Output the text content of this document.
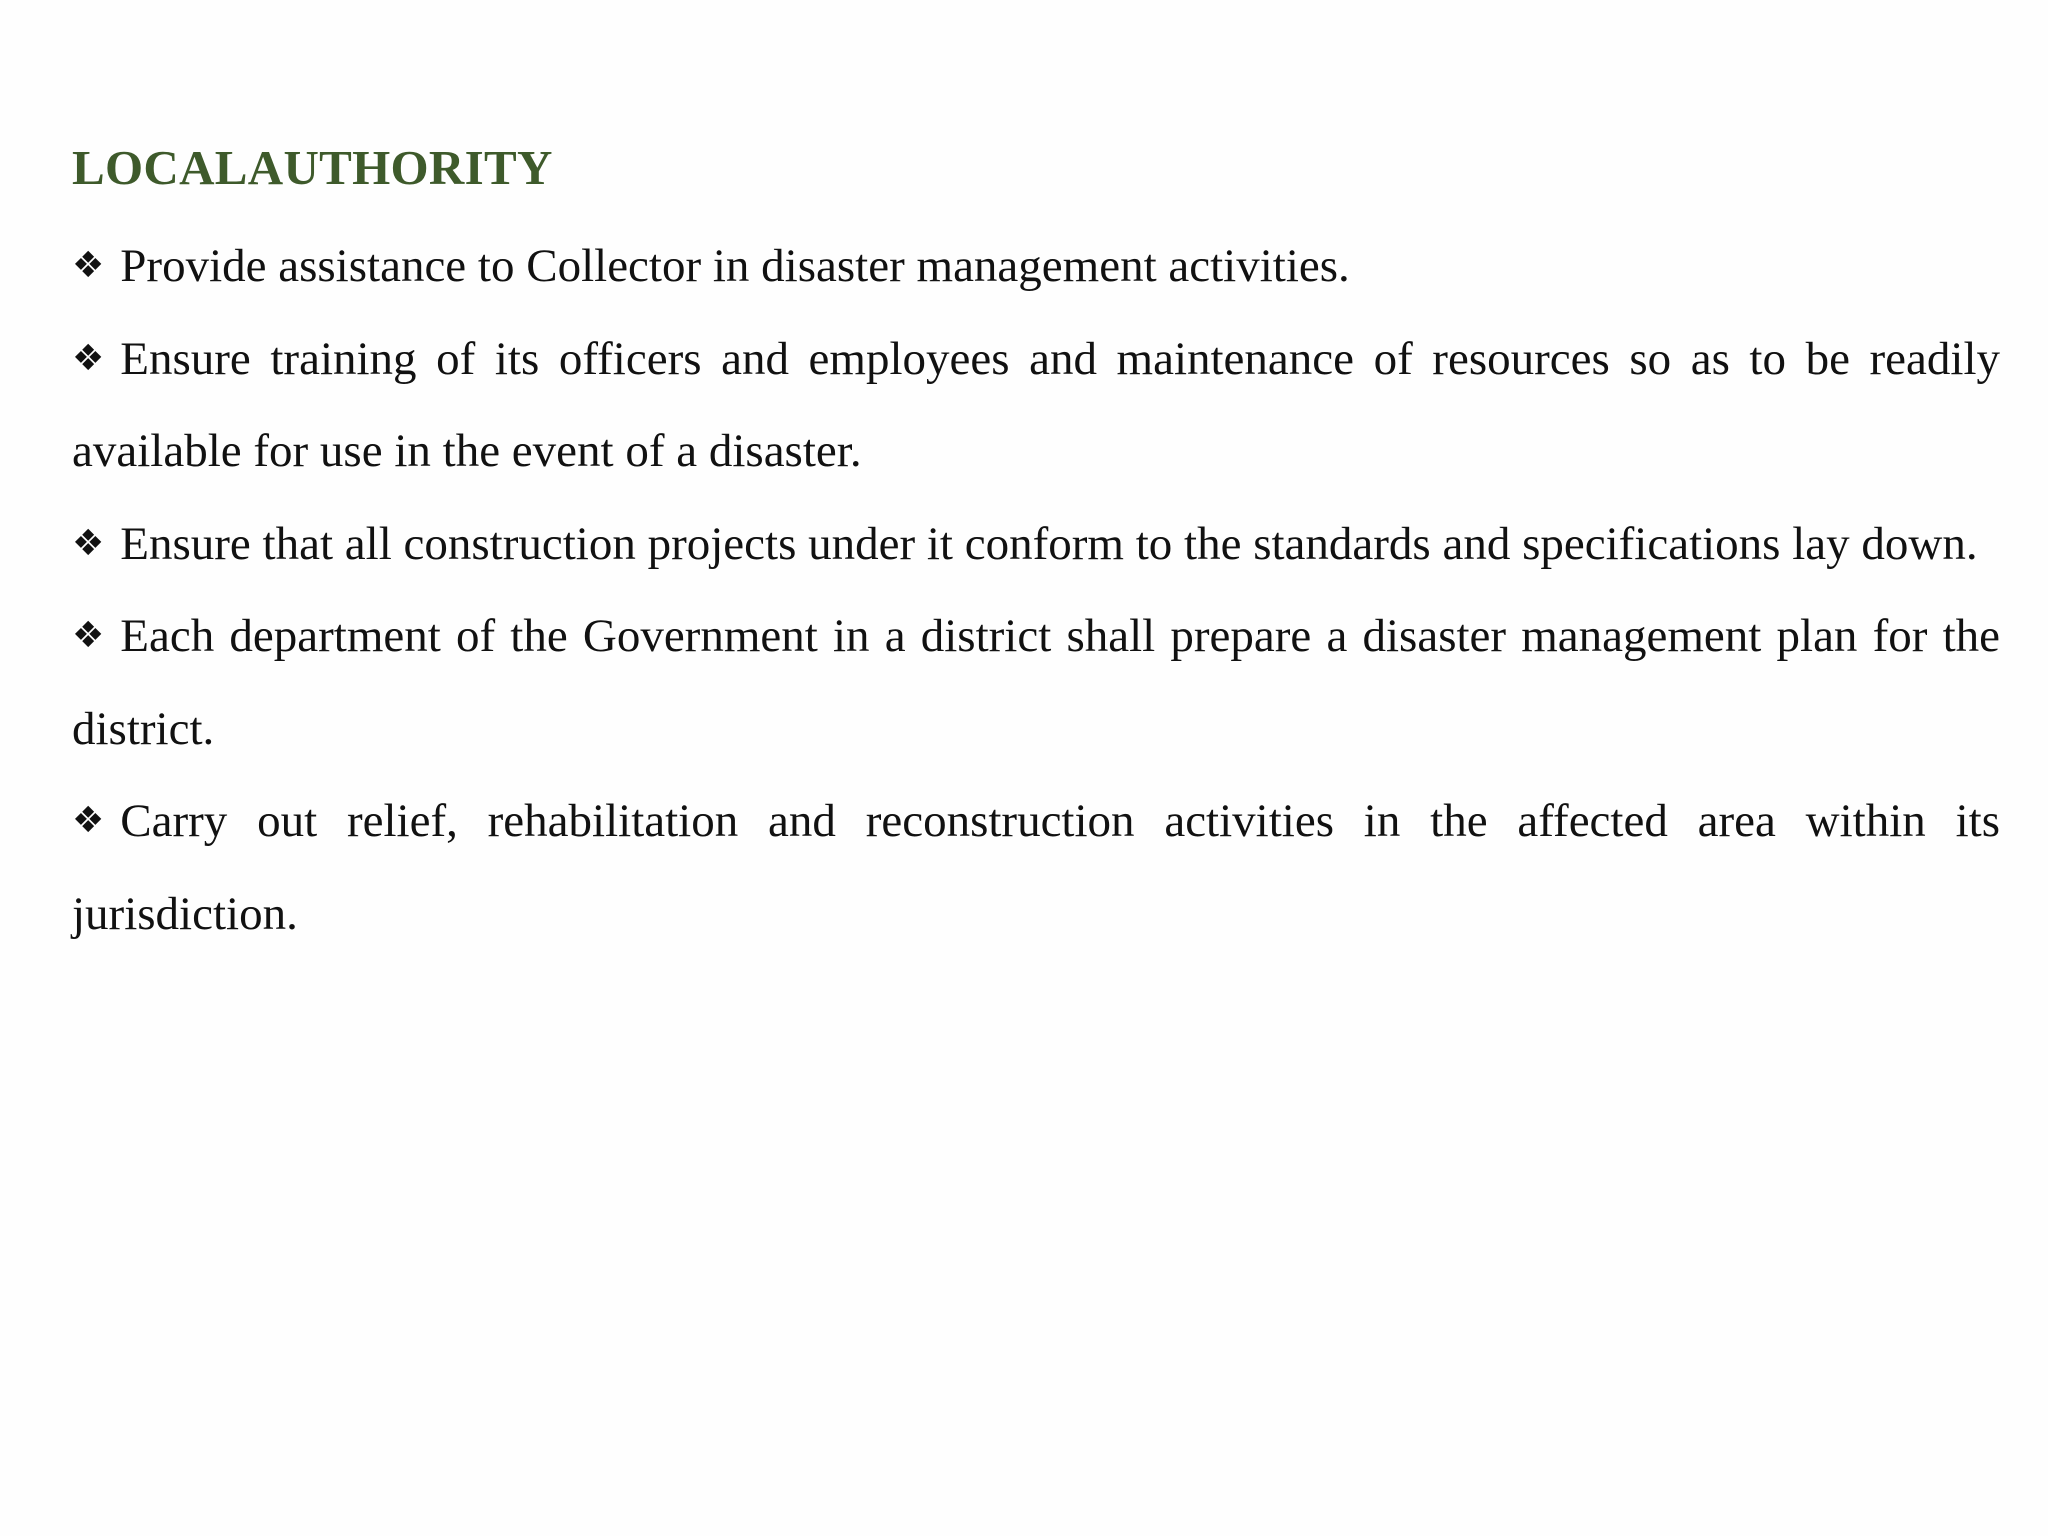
LOCALAUTHORITY
❖ Provide assistance to Collector in disaster management activities.
❖ Ensure training of its officers and employees and maintenance of resources so as to be readily available for use in the event of a disaster.
❖ Ensure that all construction projects under it conform to the standards and specifications lay down.
❖ Each department of the Government in a district shall prepare a disaster management plan for the district.
❖ Carry out relief, rehabilitation and reconstruction activities in the affected area within its jurisdiction.
